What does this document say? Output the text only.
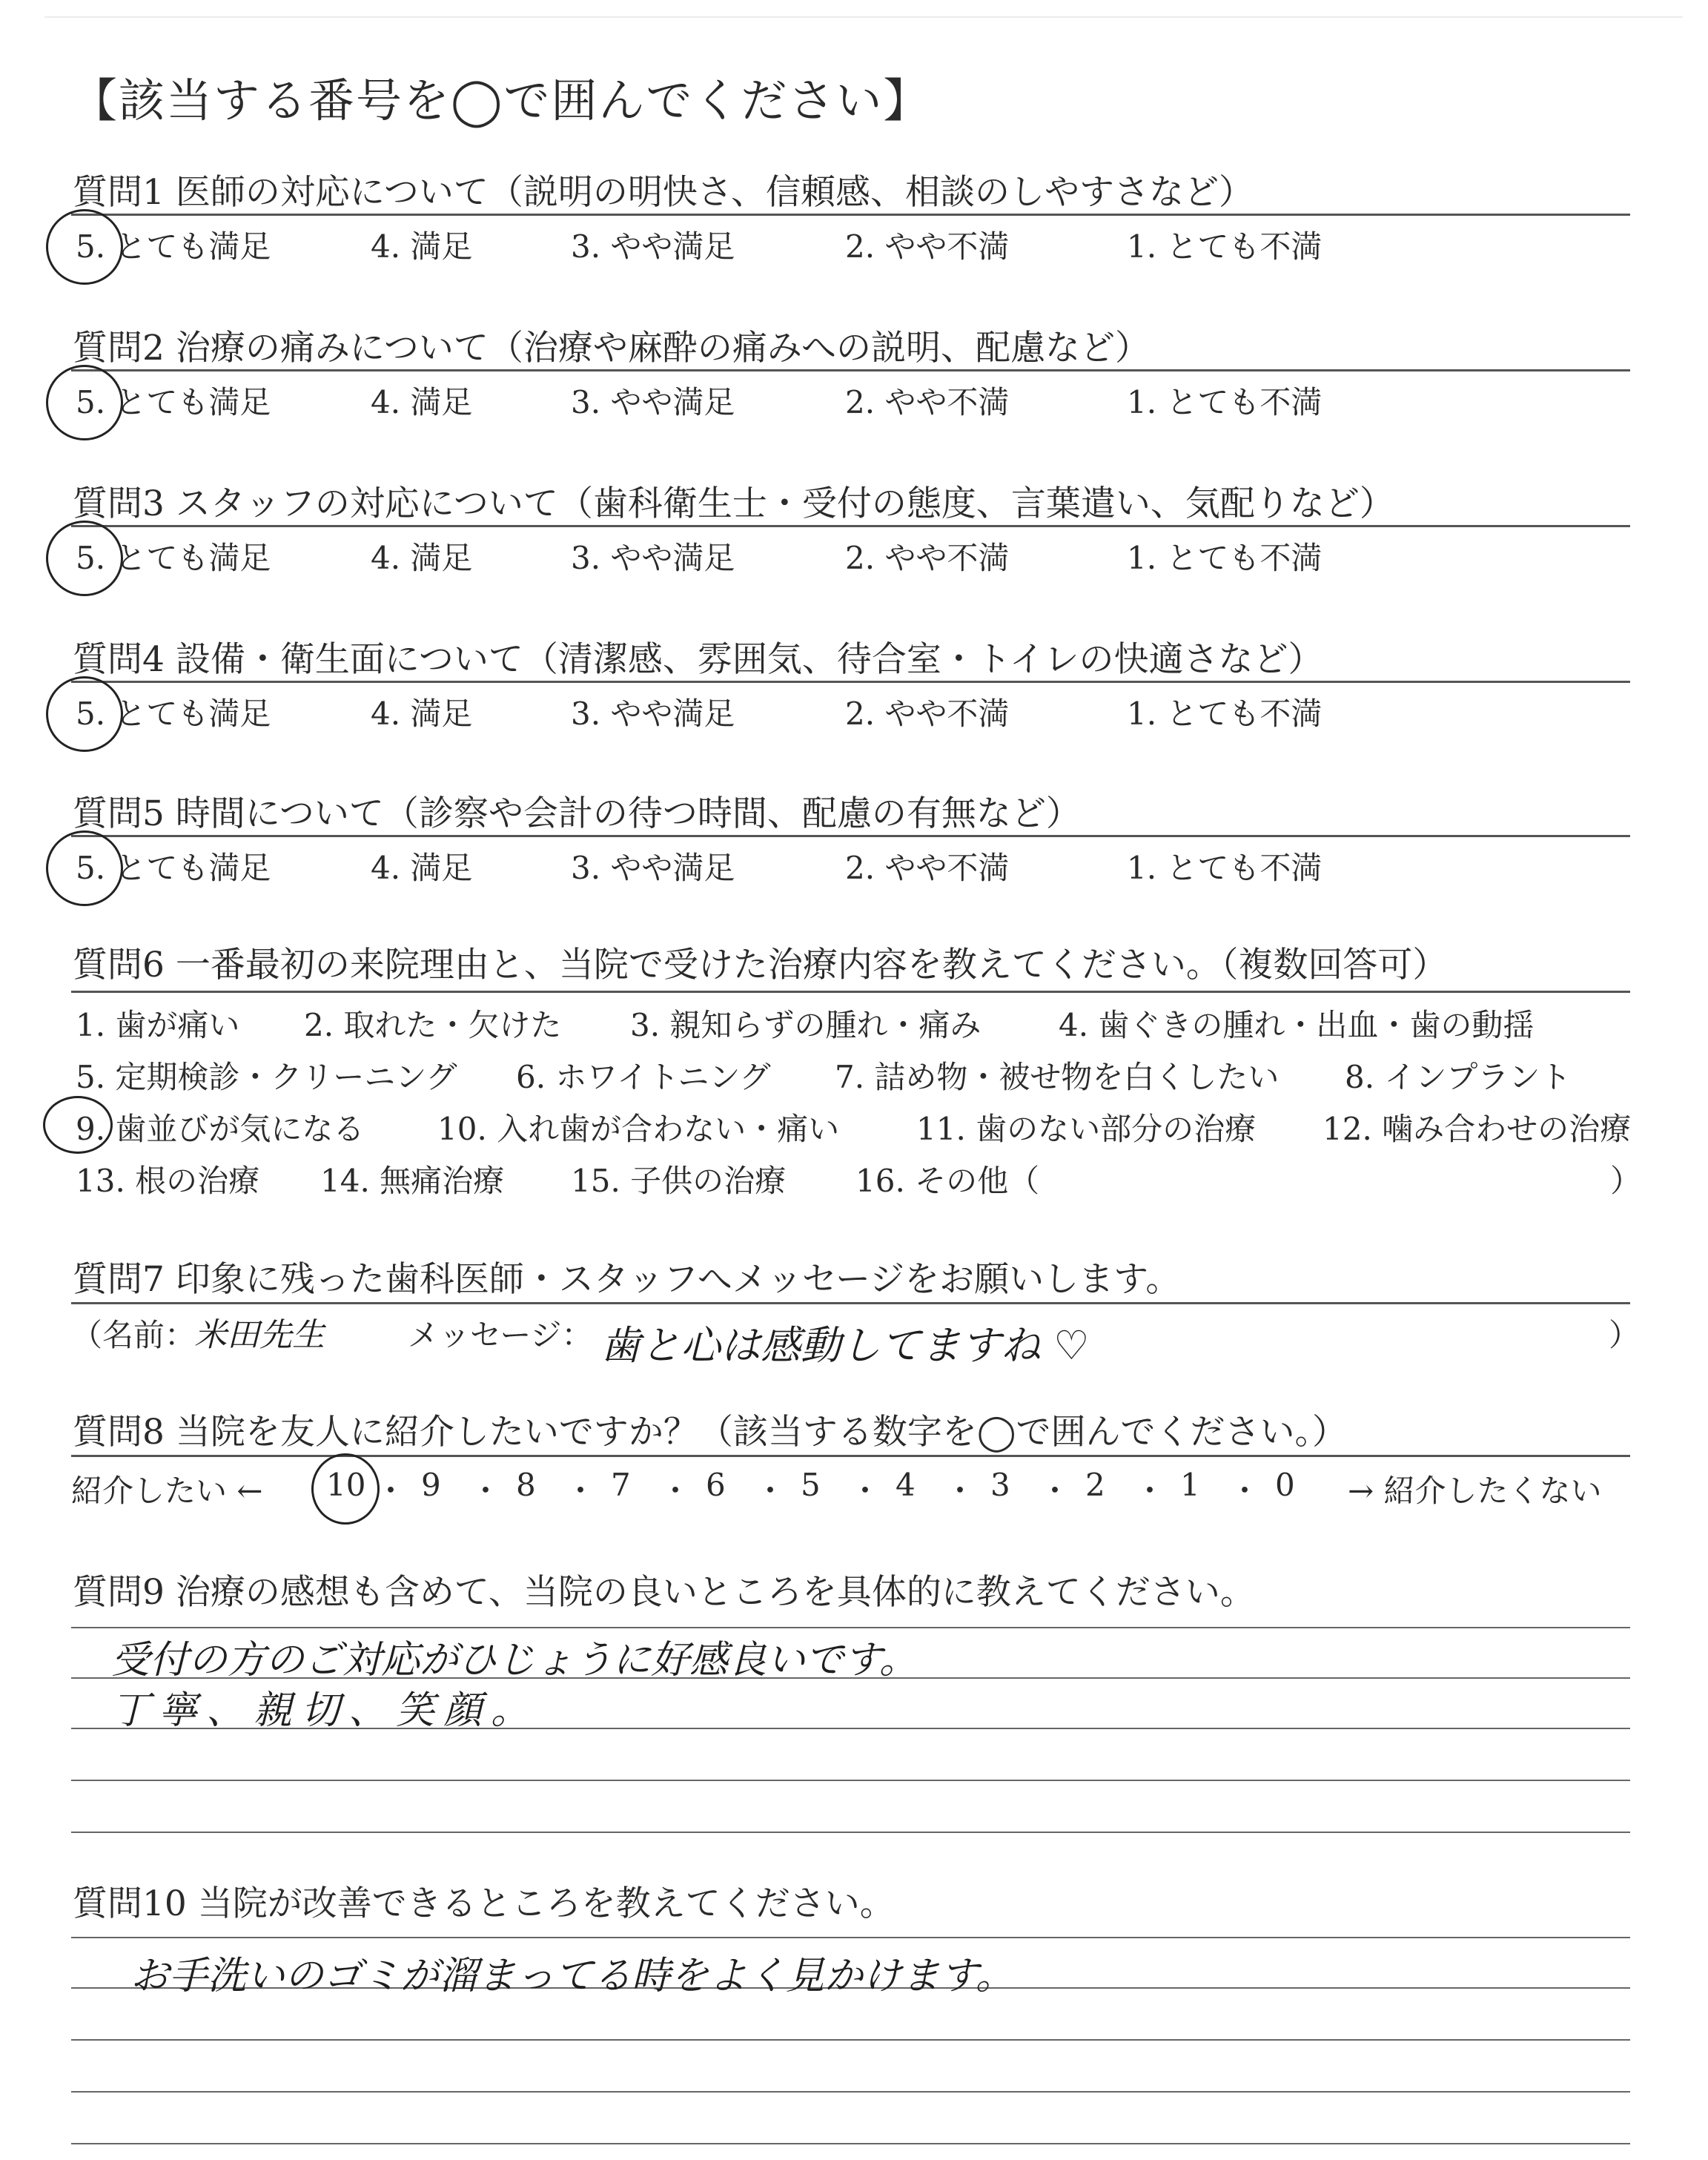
【該当する番号を◯で囲んでください】
質問1 医師の対応について（説明の明快さ、信頼感、相談のしやすさなど）
5. とても満足	4. 満足	3. やや満足	2. やや不満	1. とても不満
質問2 治療の痛みについて（治療や麻酔の痛みへの説明、配慮など）
5. とても満足	4. 満足	3. やや満足	2. やや不満	1. とても不満
質問3 スタッフの対応について（歯科衛生士・受付の態度、言葉遣い、気配りなど）
5. とても満足	4. 満足	3. やや満足	2. やや不満	1. とても不満
質問4 設備・衛生面について（清潔感、雰囲気、待合室・トイレの快適さなど）
5. とても満足	4. 満足	3. やや満足	2. やや不満	1. とても不満
質問5 時間について（診察や会計の待つ時間、配慮の有無など）
5. とても満足	4. 満足	3. やや満足	2. やや不満	1. とても不満
質問6 一番最初の来院理由と、当院で受けた治療内容を教えてください。（複数回答可）
1. 歯が痛い 2. 取れた・欠けた 3. 親知らずの腫れ・痛み 4. 歯ぐきの腫れ・出血・歯の動揺
5. 定期検診・クリーニング 6. ホワイトニング 7. 詰め物・被せ物を白くしたい 8. インプラント
9. 歯並びが気になる 10. 入れ歯が合わない・痛い 11. 歯のない部分の治療 12. 噛み合わせの治療
13. 根の治療 14. 無痛治療 15. 子供の治療 16. その他（	）
質問7 印象に残った歯科医師・スタッフへメッセージをお願いします。
（名前：
米田先生	メッセージ： 歯と心は感動してますね ♡	）
質問8 当院を友人に紹介したいですか？（該当する数字を◯で囲んでください。）
紹介したい ← 10 ・ 9 ・ 8 ・ 7 ・ 6 ・ 5 ・ 4 ・ 3 ・ 2 ・ 1 ・ 0 → 紹介したくない
質問9 治療の感想も含めて、当院の良いところを具体的に教えてください。
受付の方のご対応がひじょうに好感良いです。
丁寧、親切、笑顔。
質問10 当院が改善できるところを教えてください。
お手洗いのゴミが溜まってる時をよく見かけます。
